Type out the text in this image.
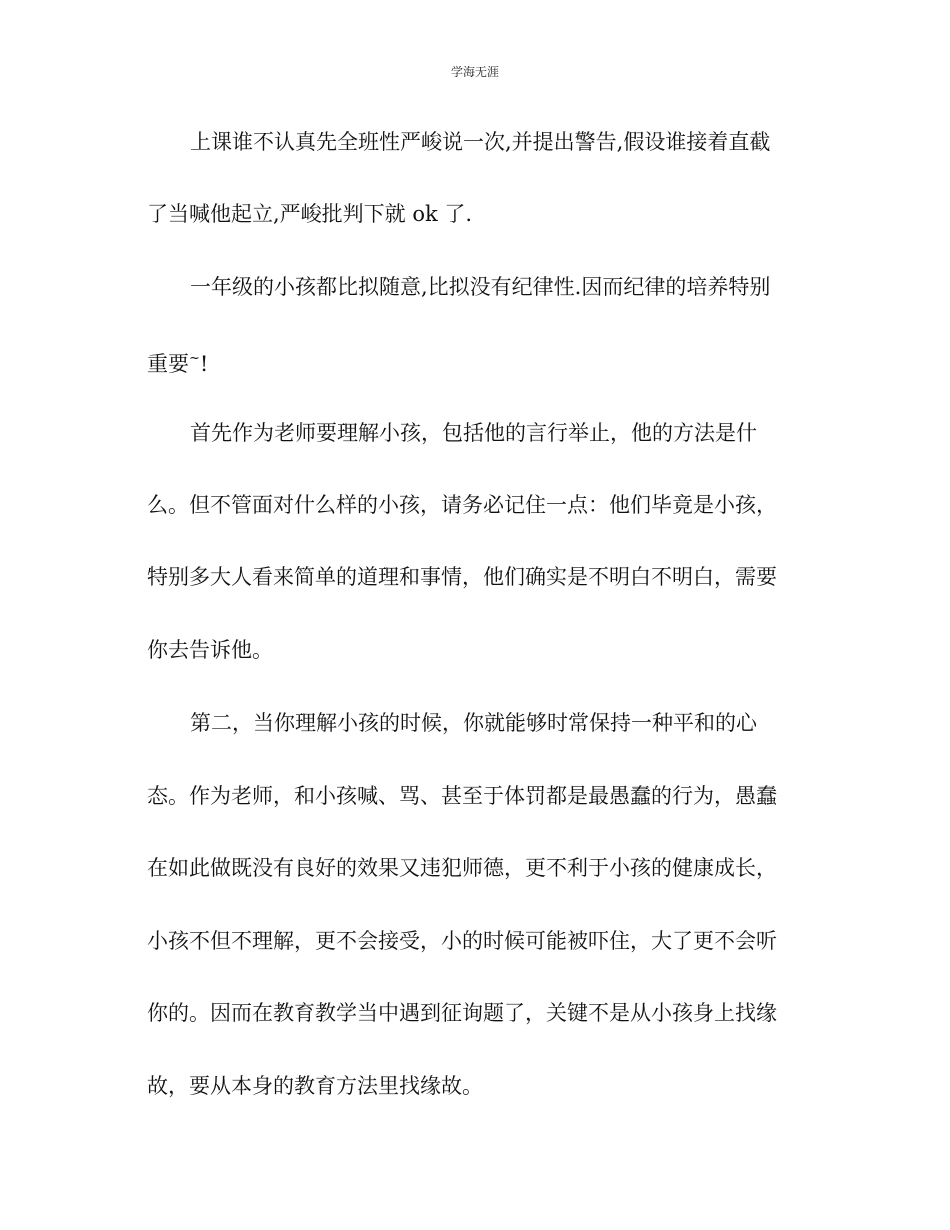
学海无涯
上课谁不认真先全班性严峻说一次,并提出警告,假设谁接着直截
了当喊他起立,严峻批判下就 ok 了.
一年级的小孩都比拟随意,比拟没有纪律性.因而纪律的培养特别
重要~!
首先作为老师要理解小孩，包括他的言行举止，他的方法是什
么。但不管面对什么样的小孩，请务必记住一点：他们毕竟是小孩，
特别多大人看来简单的道理和事情，他们确实是不明白不明白，需要
你去告诉他。
第二，当你理解小孩的时候，你就能够时常保持一种平和的心
态。作为老师，和小孩喊、骂、甚至于体罚都是最愚蠢的行为，愚蠢
在如此做既没有良好的效果又违犯师德，更不利于小孩的健康成长，
小孩不但不理解，更不会接受，小的时候可能被吓住，大了更不会听
你的。因而在教育教学当中遇到征询题了，关键不是从小孩身上找缘
故，要从本身的教育方法里找缘故。
